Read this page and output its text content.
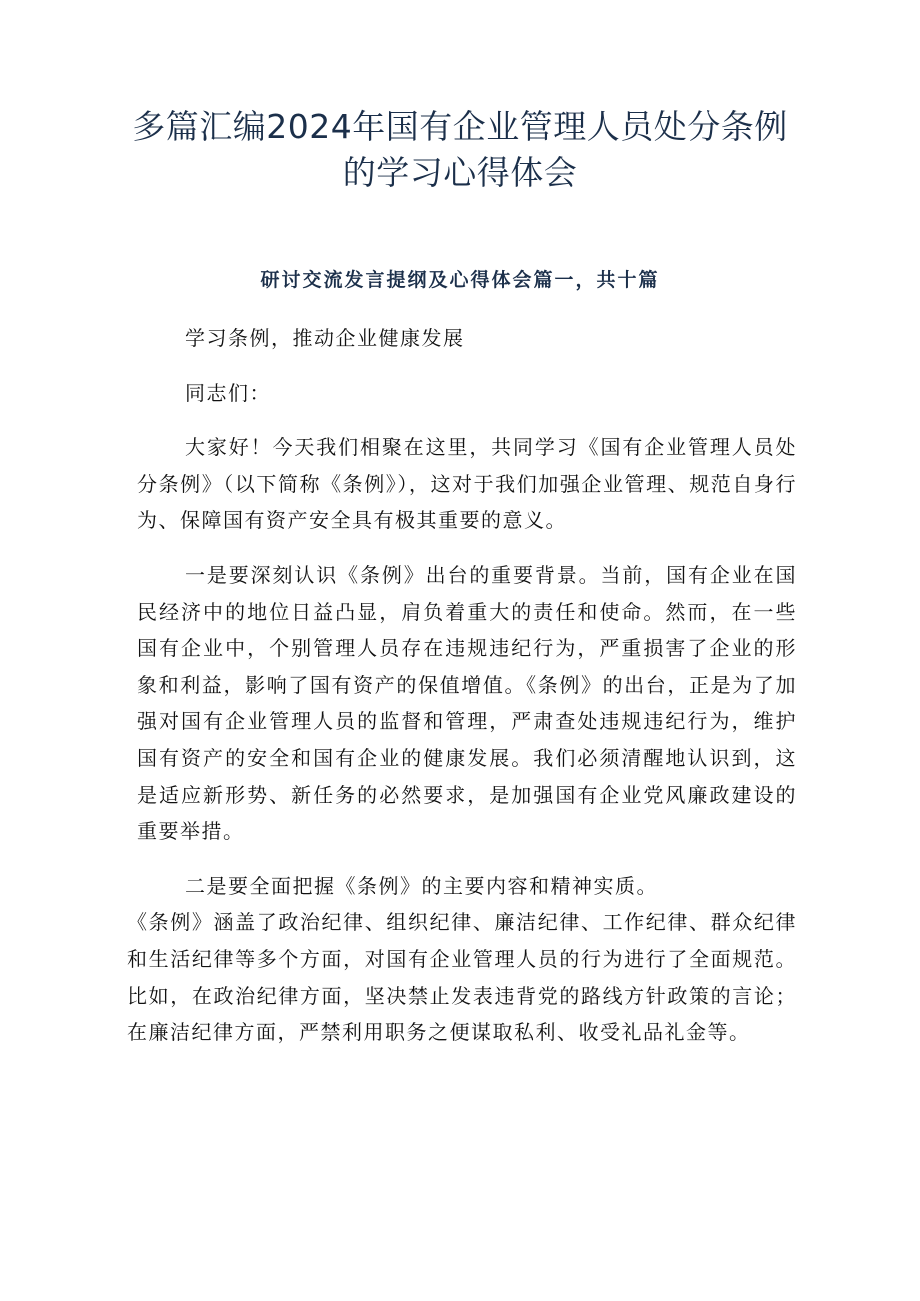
多篇汇编2024年国有企业管理人员处分条例的学习心得体会
研讨交流发言提纲及心得体会篇一，共十篇

学习条例，推动企业健康发展

同志们：

大家好！今天我们相聚在这里，共同学习《国有企业管理人员处分条例》（以下简称《条例》），这对于我们加强企业管理、规范自身行为、保障国有资产安全具有极其重要的意义。

一是要深刻认识《条例》出台的重要背景。当前，国有企业在国民经济中的地位日益凸显，肩负着重大的责任和使命。然而，在一些国有企业中，个别管理人员存在违规违纪行为，严重损害了企业的形象和利益，影响了国有资产的保值增值。《条例》的出台，正是为了加强对国有企业管理人员的监督和管理，严肃查处违规违纪行为，维护国有资产的安全和国有企业的健康发展。我们必须清醒地认识到，这是适应新形势、新任务的必然要求，是加强国有企业党风廉政建设的重要举措。

二是要全面把握《条例》的主要内容和精神实质。

《条例》涵盖了政治纪律、组织纪律、廉洁纪律、工作纪律、群众纪律和生活纪律等多个方面，对国有企业管理人员的行为进行了全面规范。比如，在政治纪律方面，坚决禁止发表违背党的路线方针政策的言论；在廉洁纪律方面，严禁利用职务之便谋取私利、收受礼品礼金等。
